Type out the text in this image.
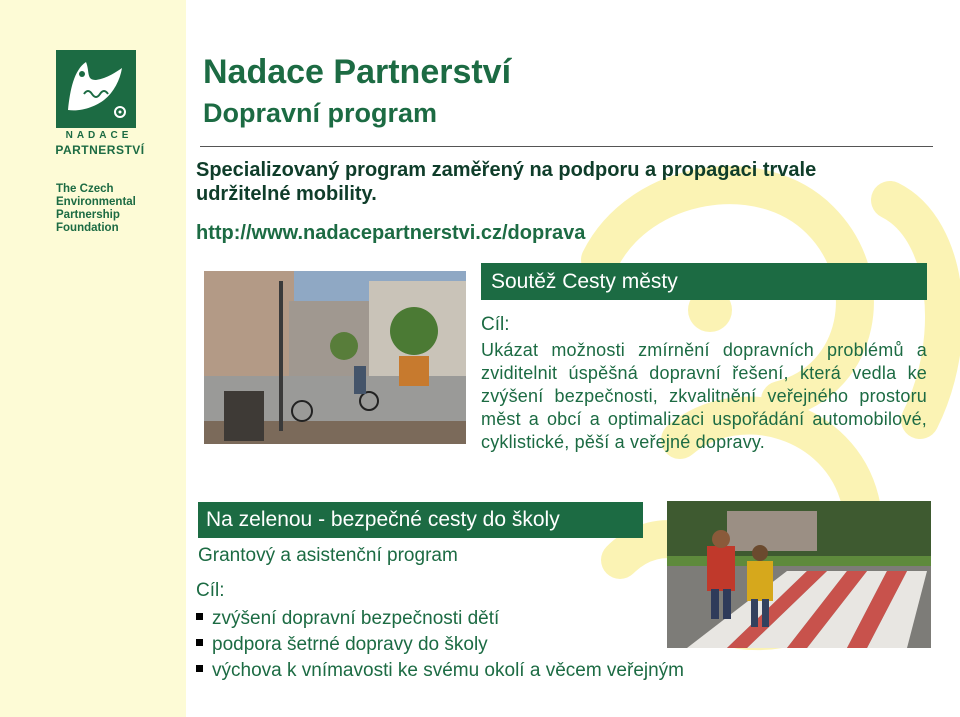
NADACE
PARTNERSTVÍ
The Czech
Environmental
Partnership
Foundation
Nadace Partnerství
Dopravní program
Specializovaný program zaměřený na podporu a propagaci trvale udržitelné mobility.
http://www.nadacepartnerstvi.cz/doprava
Soutěž Cesty městy
Cíl:
Ukázat možnosti zmírnění dopravních problémů a zviditelnit úspěšná dopravní řešení, která vedla ke zvýšení bezpečnosti, zkvalitnění veřejného prostoru měst a obcí a optimalizaci uspořádání automobilové, cyklistické, pěší a veřejné dopravy.
Na zelenou - bezpečné cesty do školy
Grantový a asistenční program
Cíl:
zvýšení dopravní bezpečnosti dětí
podpora šetrné dopravy do školy
výchova k vnímavosti ke svému okolí a věcem veřejným
